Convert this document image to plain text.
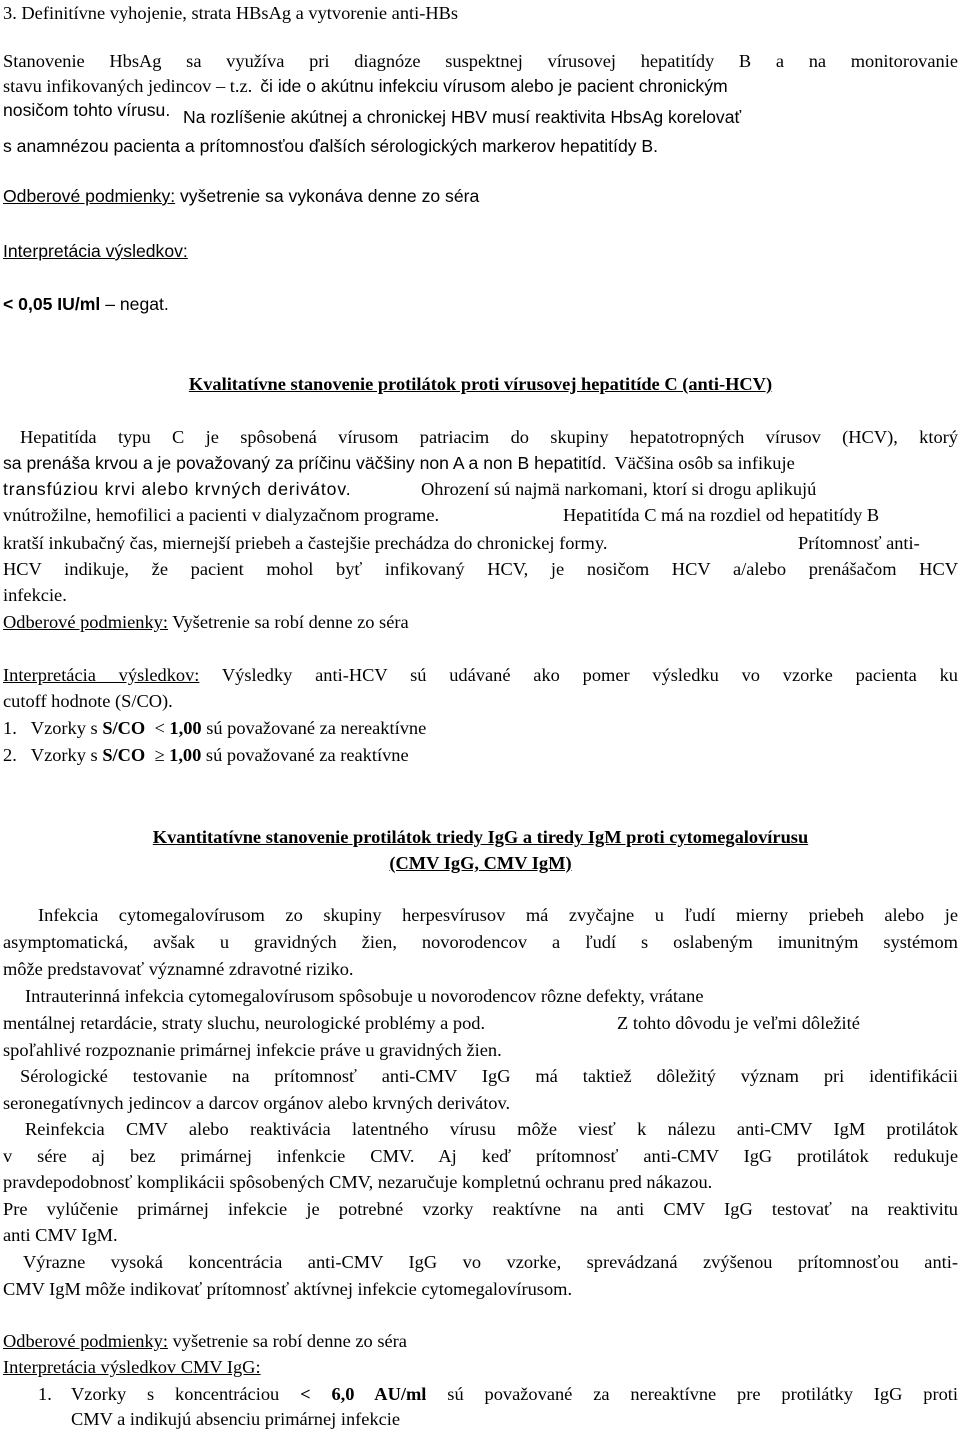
3. Definitívne vyhojenie, strata HBsAg a vytvorenie anti-HBs
Stanovenie HbsAg sa využíva pri diagnóze suspektnej vírusovej hepatitídy B a na monitorovanie
stavu infikovaných jedincov – t.z. či ide o akútnu infekciu vírusom alebo je pacient chronickým
nosičom tohto vírusu. Na rozlíšenie akútnej a chronickej HBV musí reaktivita HbsAg korelovať
s anamnézou pacienta a prítomnosťou ďalších sérologických markerov hepatitídy B.
Odberové podmienky: vyšetrenie sa vykonáva denne zo séra
Interpretácia výsledkov:
< 0,05 IU/ml – negat.
Kvalitatívne stanovenie protilátok proti vírusovej hepatitíde C (anti-HCV)
Hepatitída typu C je spôsobená vírusom patriacim do skupiny hepatotropných vírusov (HCV), ktorý
sa prenáša krvou a je považovaný za príčinu väčšiny non A a non B hepatitíd. Väčšina osôb sa infikuje
transfúziou krvi alebo krvných derivátov.	Ohrození sú najmä narkomani, ktorí si drogu aplikujú
vnútrožilne, hemofilici a pacienti v dialyzačnom programe.	Hepatitída C má na rozdiel od hepatitídy B
kratší inkubačný čas, miernejší priebeh a častejšie prechádza do chronickej formy.	Prítomnosť anti-
HCV indikuje, že pacient mohol byť infikovaný HCV, je nosičom HCV a/alebo prenášačom HCV
infekcie.
Odberové podmienky: Vyšetrenie sa robí denne zo séra
Interpretácia výsledkov: Výsledky anti-HCV sú udávané ako pomer výsledku vo vzorke pacienta ku
cutoff hodnote (S/CO).
1. Vzorky s S/CO  < 1,00 sú považované za nereaktívne
2. Vzorky s S/CO  ≥ 1,00 sú považované za reaktívne
Kvantitatívne stanovenie protilátok triedy IgG a tiredy IgM proti cytomegalovírusu
(CMV IgG, CMV IgM)
Infekcia cytomegalovírusom zo skupiny herpesvírusov má zvyčajne u ľudí mierny priebeh alebo je
asymptomatická, avšak u gravidných žien, novorodencov a ľudí s oslabeným imunitným systémom
môže predstavovať významné zdravotné riziko.
Intrauterinná infekcia cytomegalovírusom spôsobuje u novorodencov rôzne defekty, vrátane
mentálnej retardácie, straty sluchu, neurologické problémy a pod.	Z tohto dôvodu je veľmi dôležité
spoľahlivé rozpoznanie primárnej infekcie práve u gravidných žien.
Sérologické testovanie na prítomnosť anti-CMV IgG má taktiež dôležitý význam pri identifikácii
seronegatívnych jedincov a darcov orgánov alebo krvných derivátov.
Reinfekcia CMV alebo reaktivácia latentného vírusu môže viesť k nálezu anti-CMV IgM protilátok
v sére aj bez primárnej infenkcie CMV. Aj keď prítomnosť anti-CMV IgG protilátok redukuje
pravdepodobnosť komplikácii spôsobených CMV, nezaručuje kompletnú ochranu pred nákazou.
Pre vylúčenie primárnej infekcie je potrebné vzorky reaktívne na anti CMV IgG testovať na reaktivitu
anti CMV IgM.
Výrazne vysoká koncentrácia anti-CMV IgG vo vzorke, sprevádzaná zvýšenou prítomnosťou anti-
CMV IgM môže indikovať prítomnosť aktívnej infekcie cytomegalovírusom.
Odberové podmienky: vyšetrenie sa robí denne zo séra
Interpretácia výsledkov CMV IgG:
1. Vzorky s koncentráciou < 6,0 AU/ml sú považované za nereaktívne pre protilátky IgG proti
CMV a indikujú absenciu primárnej infekcie
